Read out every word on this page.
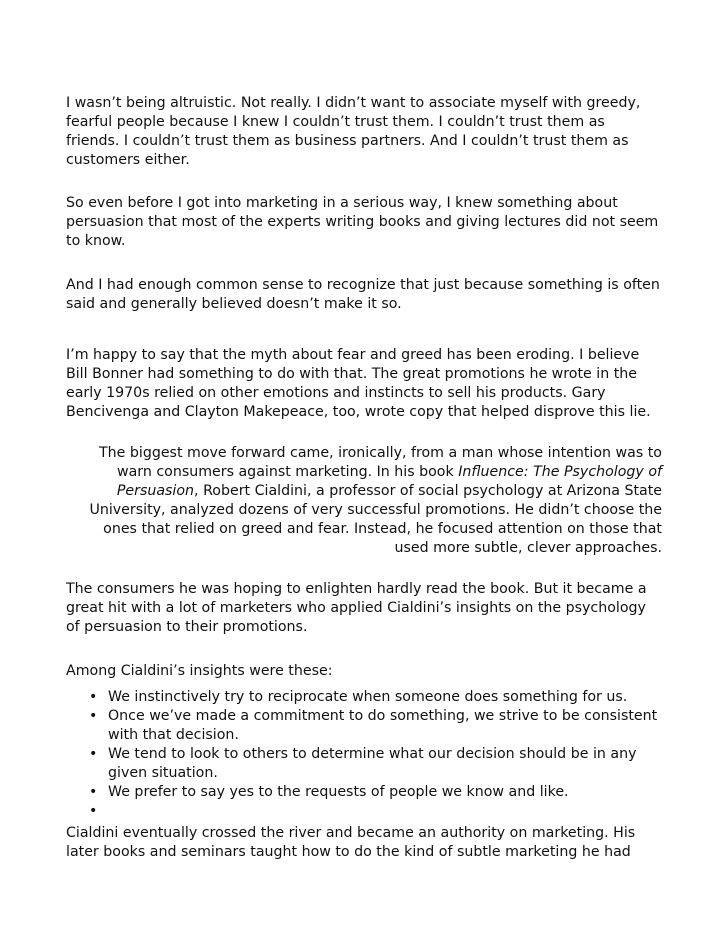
I wasn’t being altruistic. Not really. I didn’t want to associate myself with greedy, fearful people because I knew I couldn’t trust them. I couldn’t trust them as friends. I couldn’t trust them as business partners. And I couldn’t trust them as customers either.

So even before I got into marketing in a serious way, I knew something about persuasion that most of the experts writing books and giving lectures did not seem to know.

And I had enough common sense to recognize that just because something is often said and generally believed doesn’t make it so.

I’m happy to say that the myth about fear and greed has been eroding. I believe Bill Bonner had something to do with that. The great promotions he wrote in the early 1970s relied on other emotions and instincts to sell his products. Gary Bencivenga and Clayton Makepeace, too, wrote copy that helped disprove this lie.

The biggest move forward came, ironically, from a man whose intention was to warn consumers against marketing. In his book Influence: The Psychology of Persuasion, Robert Cialdini, a professor of social psychology at Arizona State University, analyzed dozens of very successful promotions. He didn’t choose the ones that relied on greed and fear. Instead, he focused attention on those that used more subtle, clever approaches.

The consumers he was hoping to enlighten hardly read the book. But it became a great hit with a lot of marketers who applied Cialdini’s insights on the psychology of persuasion to their promotions.

Among Cialdini’s insights were these:

• We instinctively try to reciprocate when someone does something for us.
• Once we’ve made a commitment to do something, we strive to be consistent with that decision.
• We tend to look to others to determine what our decision should be in any given situation.
• We prefer to say yes to the requests of people we know and like.
•

Cialdini eventually crossed the river and became an authority on marketing. His later books and seminars taught how to do the kind of subtle marketing he had
